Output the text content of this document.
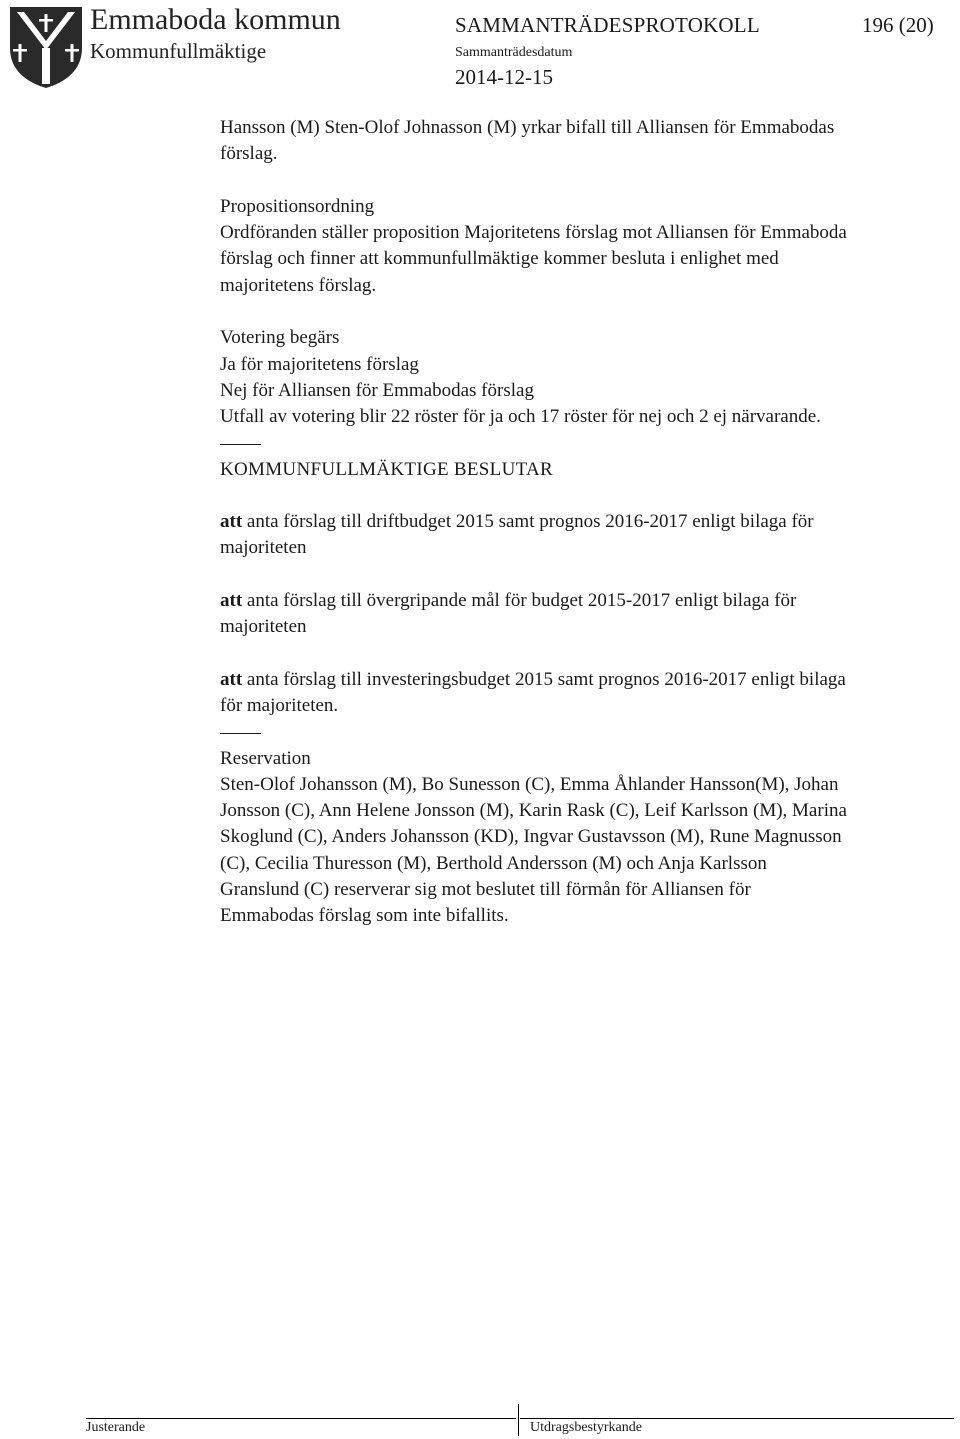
Emmaboda kommun
Kommunfullmäktige
SAMMANTRÄDESPROTOKOLL	196 (20)
Sammanträdesdatum
2014-12-15

Hansson (M) Sten-Olof Johnasson (M) yrkar bifall till Alliansen för Emmabodas

förslag.

Propositionsordning

Ordföranden ställer proposition Majoritetens förslag mot Alliansen för Emmaboda

förslag och finner att kommunfullmäktige kommer besluta i enlighet med

majoritetens förslag.

Votering begärs

Ja för majoritetens förslag

Nej för Alliansen för Emmabodas förslag

Utfall av votering blir 22 röster för ja och 17 röster för nej och 2 ej närvarande.

KOMMUNFULLMÄKTIGE BESLUTAR

att anta förslag till driftbudget 2015 samt prognos 2016-2017 enligt bilaga för

majoriteten

att anta förslag till övergripande mål för budget 2015-2017 enligt bilaga för

majoriteten

att anta förslag till investeringsbudget 2015 samt prognos 2016-2017 enligt bilaga

för majoriteten.

Reservation

Sten-Olof Johansson (M), Bo Sunesson (C), Emma Åhlander Hansson(M), Johan

Jonsson (C), Ann Helene Jonsson (M), Karin Rask (C), Leif Karlsson (M), Marina

Skoglund (C), Anders Johansson (KD), Ingvar Gustavsson (M), Rune Magnusson

(C), Cecilia Thuresson (M), Berthold Andersson (M) och Anja Karlsson

Granslund (C) reserverar sig mot beslutet till förmån för Alliansen för

Emmabodas förslag som inte bifallits.

Justerande	Utdragsbestyrkande
